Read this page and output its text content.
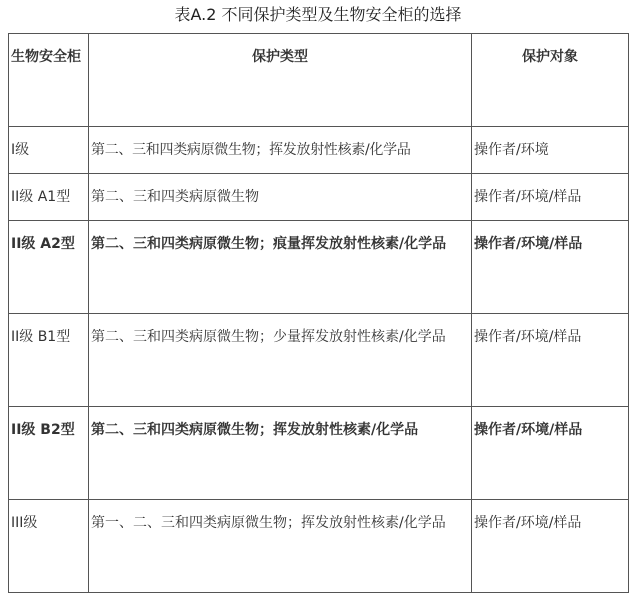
表A.2 不同保护类型及生物安全柜的选择
生物安全柜	保护类型	保护对象
I级	第二、三和四类病原微生物；挥发放射性核素/化学品	操作者/环境
II级 A1型	第二、三和四类病原微生物	操作者/环境/样品
II级 A2型	第二、三和四类病原微生物；痕量挥发放射性核素/化学品	操作者/环境/样品
II级 B1型	第二、三和四类病原微生物；少量挥发放射性核素/化学品	操作者/环境/样品
II级 B2型	第二、三和四类病原微生物；挥发放射性核素/化学品	操作者/环境/样品
III级	第一、二、三和四类病原微生物；挥发放射性核素/化学品	操作者/环境/样品
